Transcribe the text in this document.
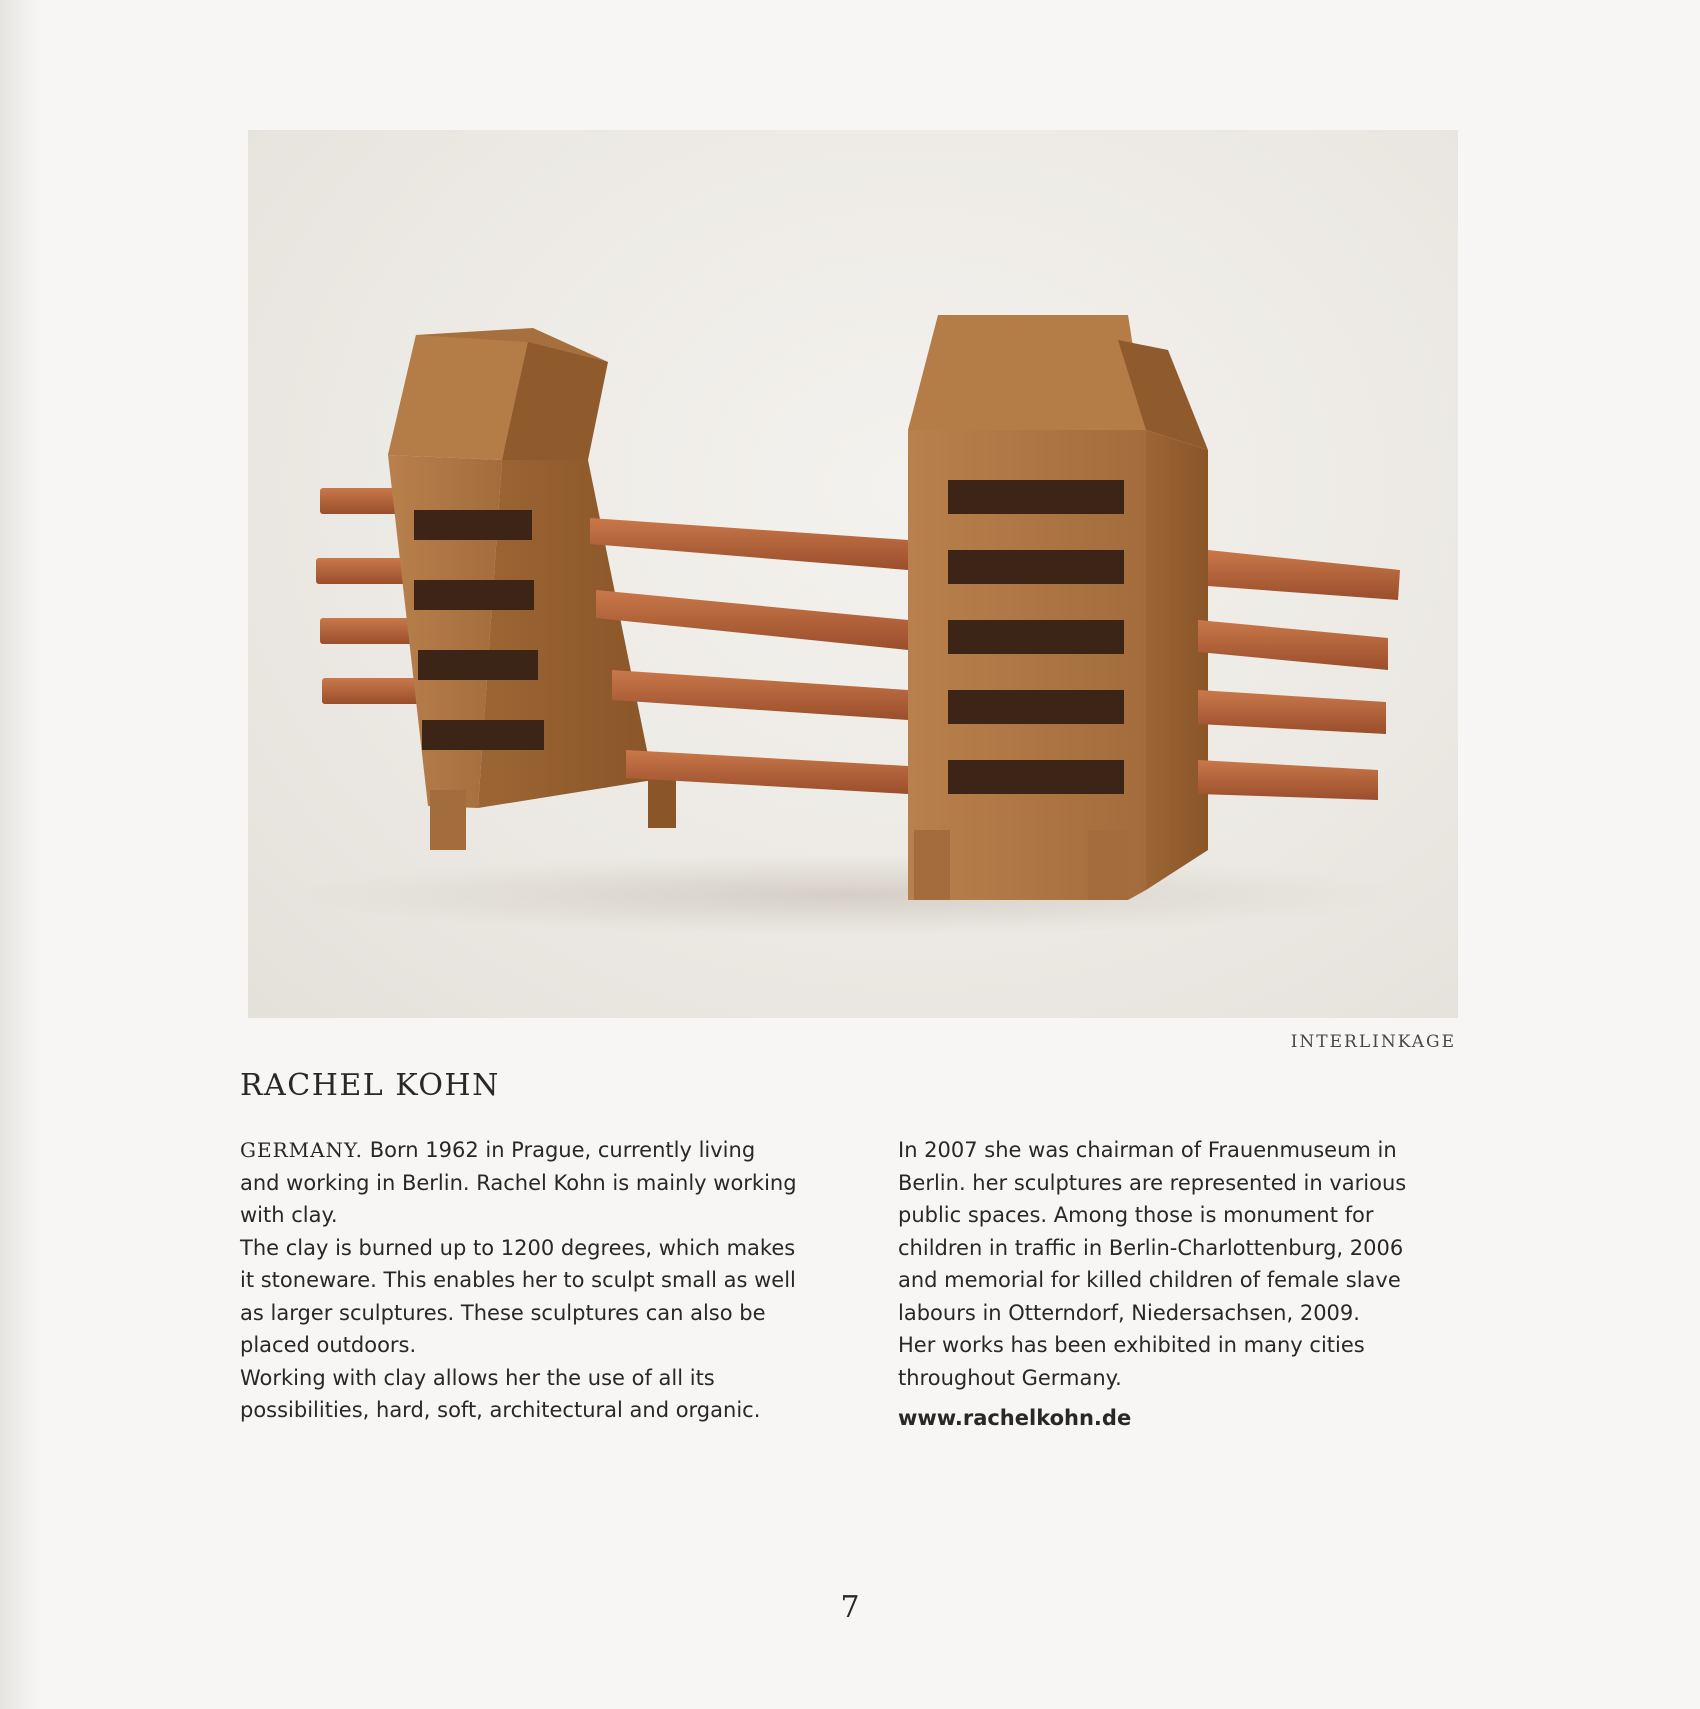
INTERLINKAGE
RACHEL KOHN

GERMANY. Born 1962 in Prague, currently living and working in Berlin. Rachel Kohn is mainly working with clay.

The clay is burned up to 1200 degrees, which makes it stoneware. This enables her to sculpt small as well as larger sculptures. These sculptures can also be placed outdoors.

Working with clay allows her the use of all its possibilities, hard, soft, architectural and organic.

In 2007 she was chairman of Frauenmuseum in Berlin. her sculptures are represented in various public spaces. Among those is monument for children in traffic in Berlin-Charlottenburg, 2006 and memorial for killed children of female slave labours in Otterndorf, Niedersachsen, 2009.

Her works has been exhibited in many cities throughout Germany.

www.rachelkohn.de

7
